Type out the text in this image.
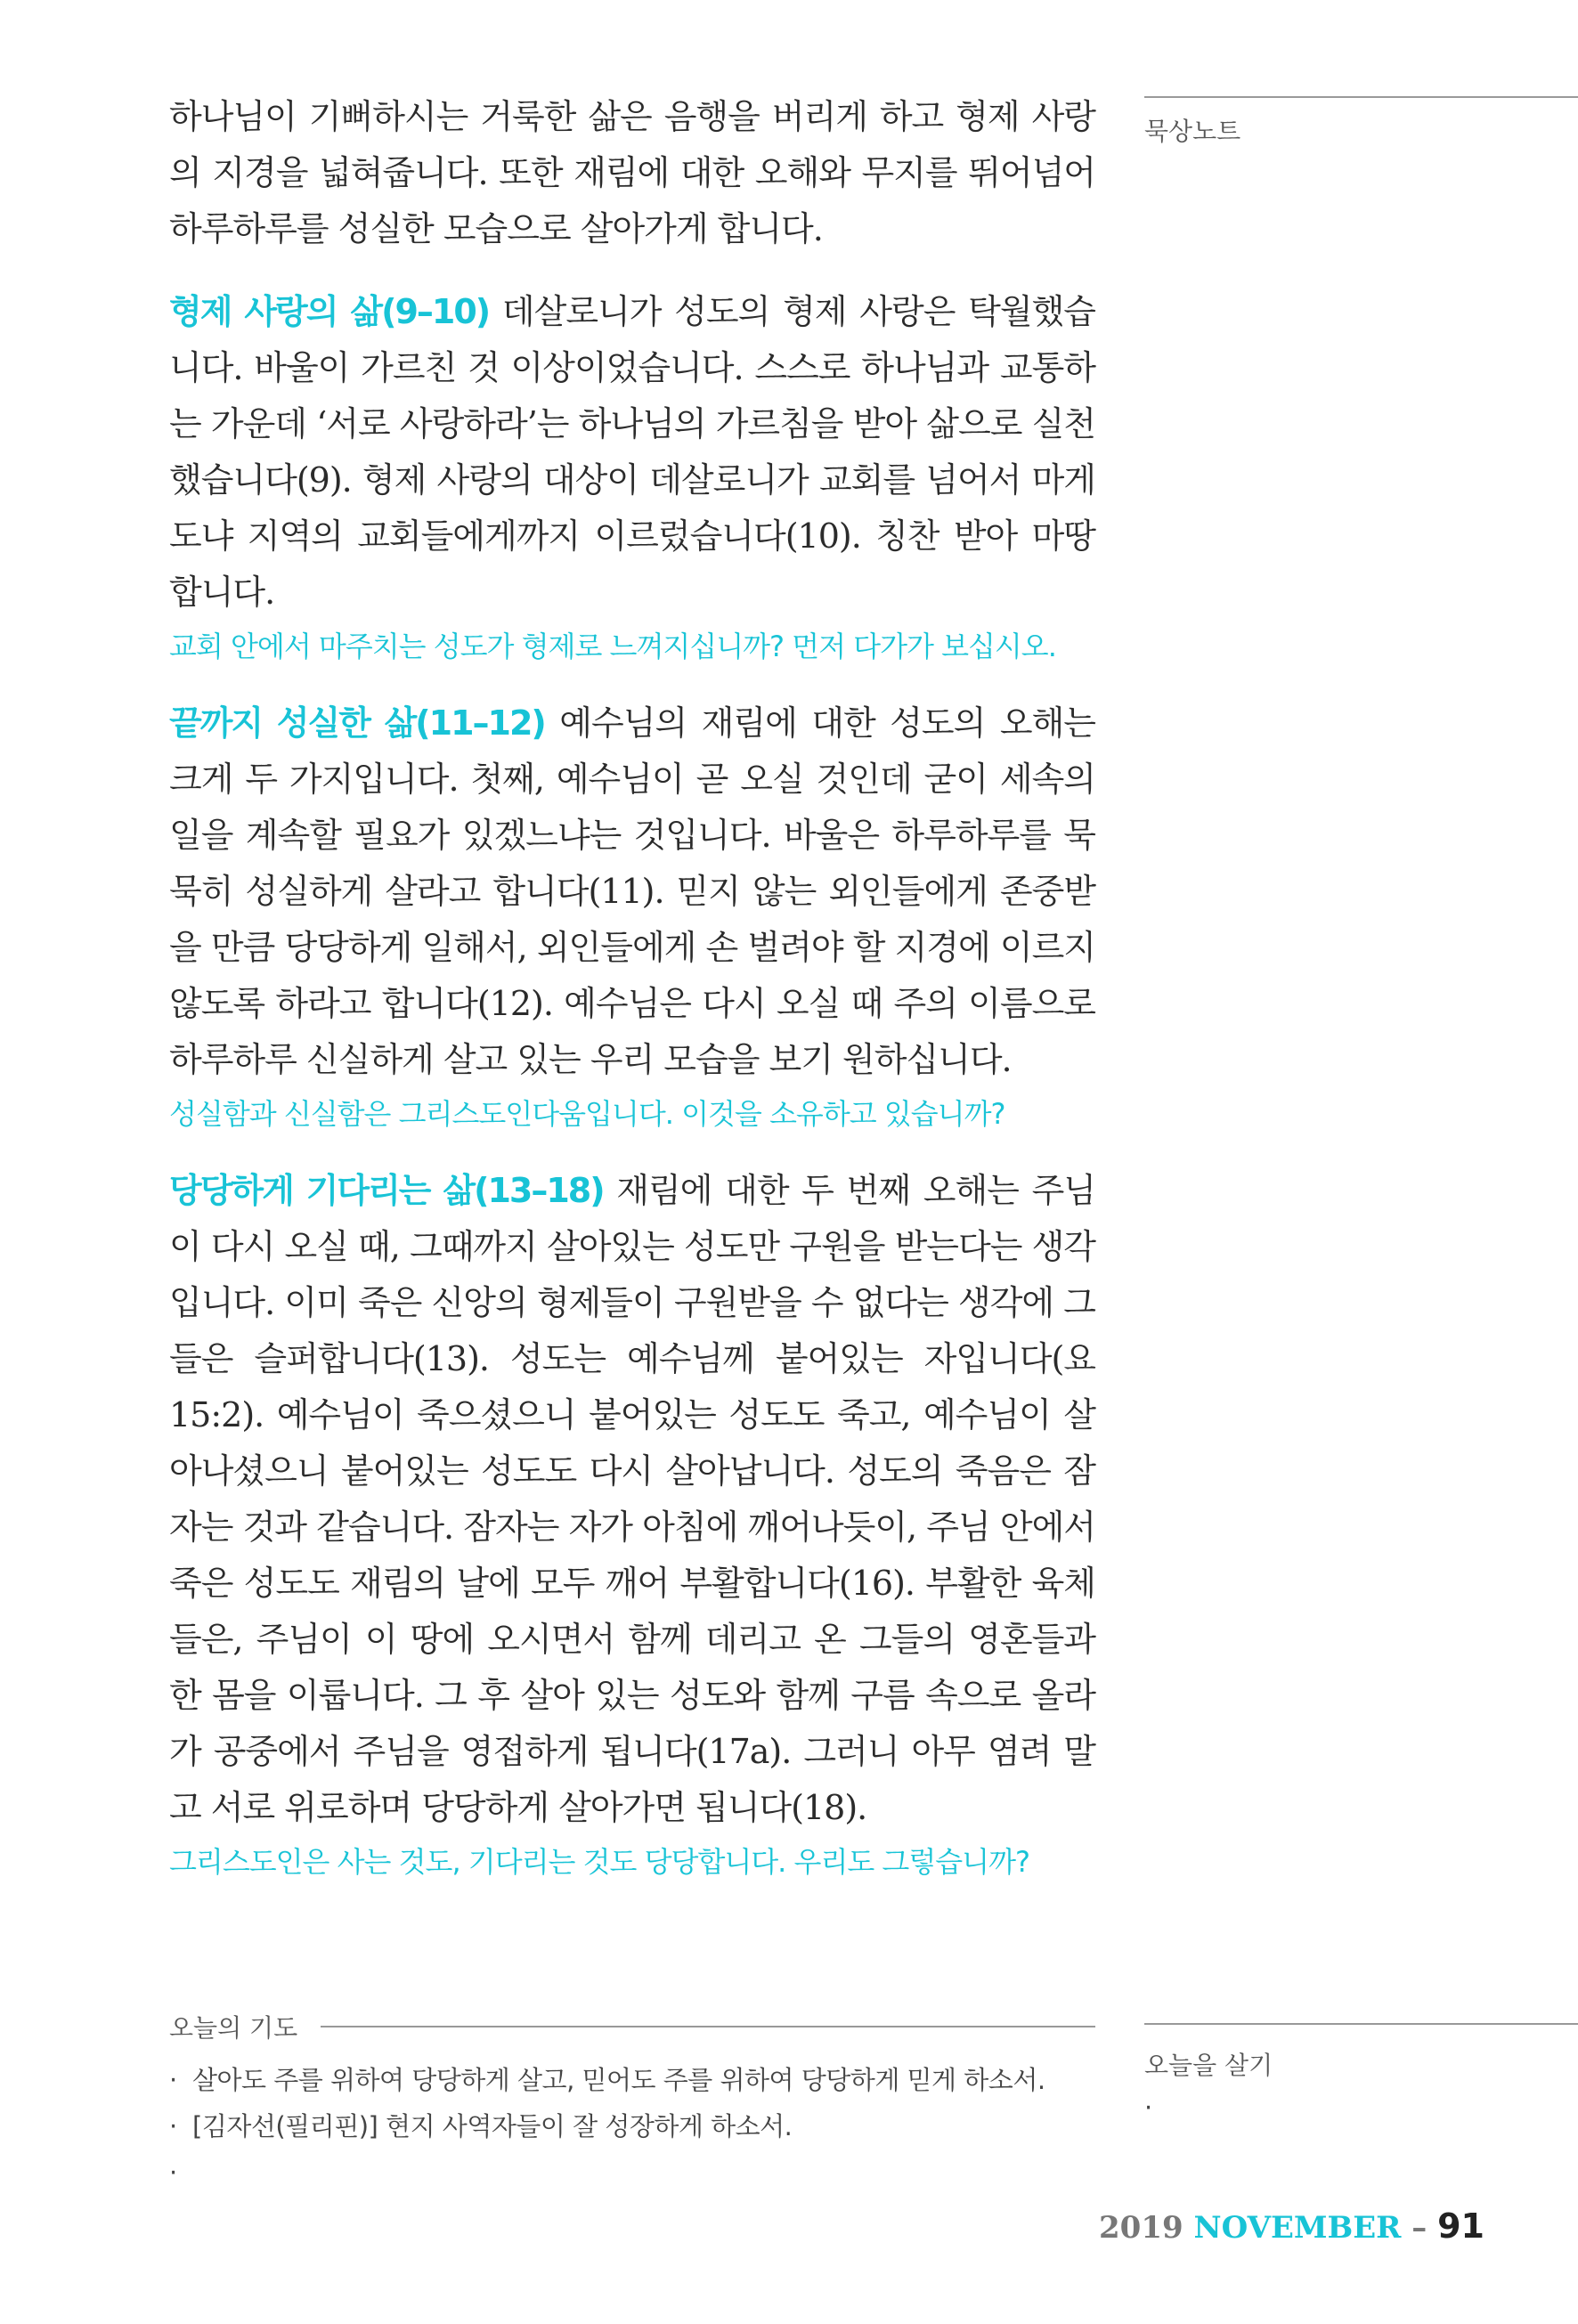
묵상노트

하나님이 기뻐하시는 거룩한 삶은 음행을 버리게 하고 형제 사랑의 지경을 넓혀줍니다. 또한 재림에 대한 오해와 무지를 뛰어넘어 하루하루를 성실한 모습으로 살아가게 합니다.

형제 사랑의 삶(9–10) 데살로니가 성도의 형제 사랑은 탁월했습니다. 바울이 가르친 것 이상이었습니다. 스스로 하나님과 교통하는 가운데 ‘서로 사랑하라’는 하나님의 가르침을 받아 삶으로 실천했습니다(9). 형제 사랑의 대상이 데살로니가 교회를 넘어서 마게도냐 지역의 교회들에게까지 이르렀습니다(10). 칭찬 받아 마땅합니다.

교회 안에서 마주치는 성도가 형제로 느껴지십니까? 먼저 다가가 보십시오.

끝까지 성실한 삶(11–12) 예수님의 재림에 대한 성도의 오해는 크게 두 가지입니다. 첫째, 예수님이 곧 오실 것인데 굳이 세속의 일을 계속할 필요가 있겠느냐는 것입니다. 바울은 하루하루를 묵묵히 성실하게 살라고 합니다(11). 믿지 않는 외인들에게 존중받을 만큼 당당하게 일해서, 외인들에게 손 벌려야 할 지경에 이르지 않도록 하라고 합니다(12). 예수님은 다시 오실 때 주의 이름으로 하루하루 신실하게 살고 있는 우리 모습을 보기 원하십니다.

성실함과 신실함은 그리스도인다움입니다. 이것을 소유하고 있습니까?

당당하게 기다리는 삶(13–18) 재림에 대한 두 번째 오해는 주님이 다시 오실 때, 그때까지 살아있는 성도만 구원을 받는다는 생각입니다. 이미 죽은 신앙의 형제들이 구원받을 수 없다는 생각에 그들은 슬퍼합니다(13). 성도는 예수님께 붙어있는 자입니다(요 15:2). 예수님이 죽으셨으니 붙어있는 성도도 죽고, 예수님이 살아나셨으니 붙어있는 성도도 다시 살아납니다. 성도의 죽음은 잠자는 것과 같습니다. 잠자는 자가 아침에 깨어나듯이, 주님 안에서 죽은 성도도 재림의 날에 모두 깨어 부활합니다(16). 부활한 육체들은, 주님이 이 땅에 오시면서 함께 데리고 온 그들의 영혼들과 한 몸을 이룹니다. 그 후 살아 있는 성도와 함께 구름 속으로 올라가 공중에서 주님을 영접하게 됩니다(17a). 그러니 아무 염려 말고 서로 위로하며 당당하게 살아가면 됩니다(18).

그리스도인은 사는 것도, 기다리는 것도 당당합니다. 우리도 그렇습니까?

오늘의 기도
· 살아도 주를 위하여 당당하게 살고, 믿어도 주를 위하여 당당하게 믿게 하소서.
· [김자선(필리핀)] 현지 사역자들이 잘 성장하게 하소서.
·
오늘을 살기
·
2019 NOVEMBER – 91
